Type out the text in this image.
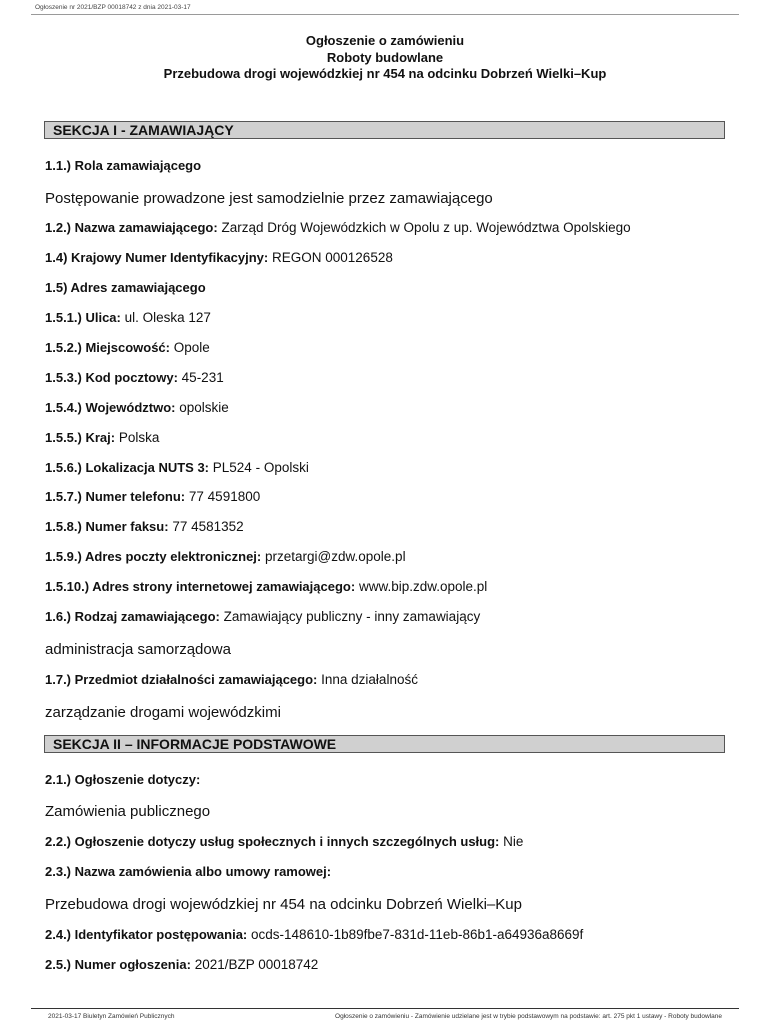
Ogłoszenie nr 2021/BZP 00018742 z dnia 2021-03-17
Ogłoszenie o zamówieniu
Roboty budowlane
Przebudowa drogi wojewódzkiej nr 454 na odcinku Dobrzeń Wielki–Kup
SEKCJA I - ZAMAWIAJĄCY
1.1.) Rola zamawiającego
Postępowanie prowadzone jest samodzielnie przez zamawiającego
1.2.) Nazwa zamawiającego: Zarząd Dróg Wojewódzkich w Opolu z up. Województwa Opolskiego
1.4) Krajowy Numer Identyfikacyjny: REGON 000126528
1.5) Adres zamawiającego
1.5.1.) Ulica: ul. Oleska 127
1.5.2.) Miejscowość: Opole
1.5.3.) Kod pocztowy: 45-231
1.5.4.) Województwo: opolskie
1.5.5.) Kraj: Polska
1.5.6.) Lokalizacja NUTS 3: PL524 - Opolski
1.5.7.) Numer telefonu: 77 4591800
1.5.8.) Numer faksu: 77 4581352
1.5.9.) Adres poczty elektronicznej: przetargi@zdw.opole.pl
1.5.10.) Adres strony internetowej zamawiającego: www.bip.zdw.opole.pl
1.6.) Rodzaj zamawiającego: Zamawiający publiczny - inny zamawiający
administracja samorządowa
1.7.) Przedmiot działalności zamawiającego: Inna działalność
zarządzanie drogami wojewódzkimi
SEKCJA II – INFORMACJE PODSTAWOWE
2.1.) Ogłoszenie dotyczy:
Zamówienia publicznego
2.2.) Ogłoszenie dotyczy usług społecznych i innych szczególnych usług: Nie
2.3.) Nazwa zamówienia albo umowy ramowej:
Przebudowa drogi wojewódzkiej nr 454 na odcinku Dobrzeń Wielki–Kup
2.4.) Identyfikator postępowania: ocds-148610-1b89fbe7-831d-11eb-86b1-a64936a8669f
2.5.) Numer ogłoszenia: 2021/BZP 00018742
2021-03-17 Biuletyn Zamówień Publicznych	Ogłoszenie o zamówieniu - Zamówienie udzielane jest w trybie podstawowym na podstawie: art. 275 pkt 1 ustawy - Roboty budowlane
